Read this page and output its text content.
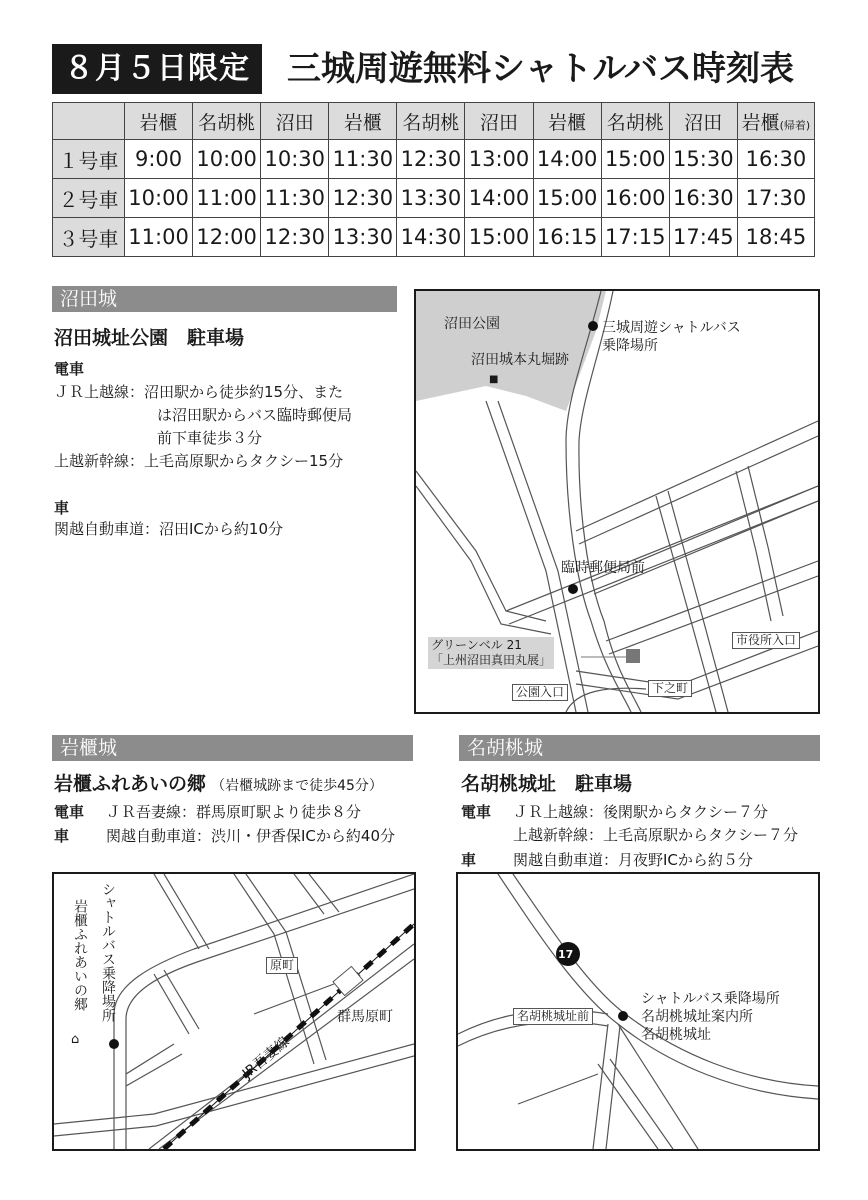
８月５日限定	三城周遊無料シャトルバス時刻表
	岩櫃	名胡桃	沼田	岩櫃	名胡桃	沼田	岩櫃	名胡桃	沼田	岩櫃(帰着)
１号車	9:00	10:00	10:30	11:30	12:30	13:00	14:00	15:00	15:30	16:30
２号車	10:00	11:00	11:30	12:30	13:30	14:00	15:00	16:00	16:30	17:30
３号車	11:00	12:00	12:30	13:30	14:30	15:00	16:15	17:15	17:45	18:45
沼田城
沼田城址公園　駐車場
電車
ＪＲ上越線：沼田駅から徒歩約15分、また
は沼田駅からバス臨時郵便局
前下車徒歩３分
上越新幹線：上毛高原駅からタクシー15分
車
関越自動車道：沼田ICから約10分
沼田公園
沼田城本丸堀跡
■
三城周遊シャトルバス
乗降場所
臨時郵便局前
グリーンベル 21
「上州沼田真田丸展」
市役所入口
公園入口	下之町
岩櫃城
岩櫃ふれあいの郷 （岩櫃城跡まで徒歩45分）
電車 ＪＲ吾妻線：群馬原町駅より徒歩８分
車 関越自動車道：渋川・伊香保ICから約40分
シャトルバス乗降場所
岩櫃ふれあいの郷
⌂
原町
群馬原町
JR吾妻線
名胡桃城
名胡桃城址　駐車場
電車 ＪＲ上越線：後閑駅からタクシー７分
上越新幹線：上毛高原駅からタクシー７分
車 関越自動車道：月夜野ICから約５分
17
名胡桃城址前
シャトルバス乗降場所
名胡桃城址案内所
名胡桃城址
